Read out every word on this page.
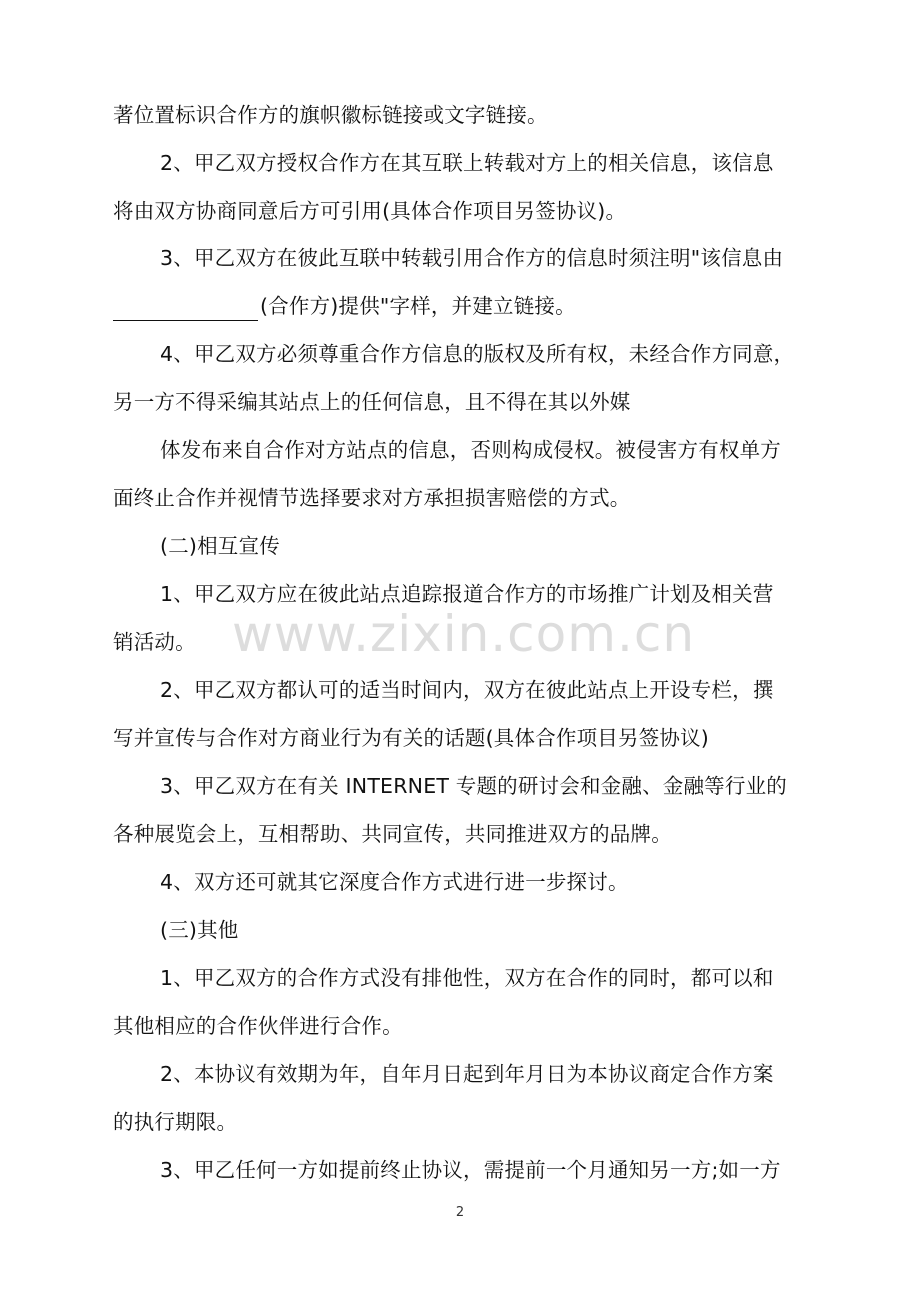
www.zixin.com.cn
著位置标识合作方的旗帜徽标链接或文字链接。
2、甲乙双方授权合作方在其互联上转载对方上的相关信息，该信息
将由双方协商同意后方可引用(具体合作项目另签协议)。
3、甲乙双方在彼此互联中转载引用合作方的信息时须注明"该信息由
(合作方)提供"字样，并建立链接。
4、甲乙双方必须尊重合作方信息的版权及所有权，未经合作方同意，
另一方不得采编其站点上的任何信息，且不得在其以外媒
体发布来自合作对方站点的信息，否则构成侵权。被侵害方有权单方
面终止合作并视情节选择要求对方承担损害赔偿的方式。
(二)相互宣传
1、甲乙双方应在彼此站点追踪报道合作方的市场推广计划及相关营
销活动。
2、甲乙双方都认可的适当时间内，双方在彼此站点上开设专栏，撰
写并宣传与合作对方商业行为有关的话题(具体合作项目另签协议)
3、甲乙双方在有关 INTERNET 专题的研讨会和金融、金融等行业的
各种展览会上，互相帮助、共同宣传，共同推进双方的品牌。
4、双方还可就其它深度合作方式进行进一步探讨。
(三)其他
1、甲乙双方的合作方式没有排他性，双方在合作的同时，都可以和
其他相应的合作伙伴进行合作。
2、本协议有效期为年，自年月日起到年月日为本协议商定合作方案
的执行期限。
3、甲乙任何一方如提前终止协议，需提前一个月通知另一方;如一方
2
